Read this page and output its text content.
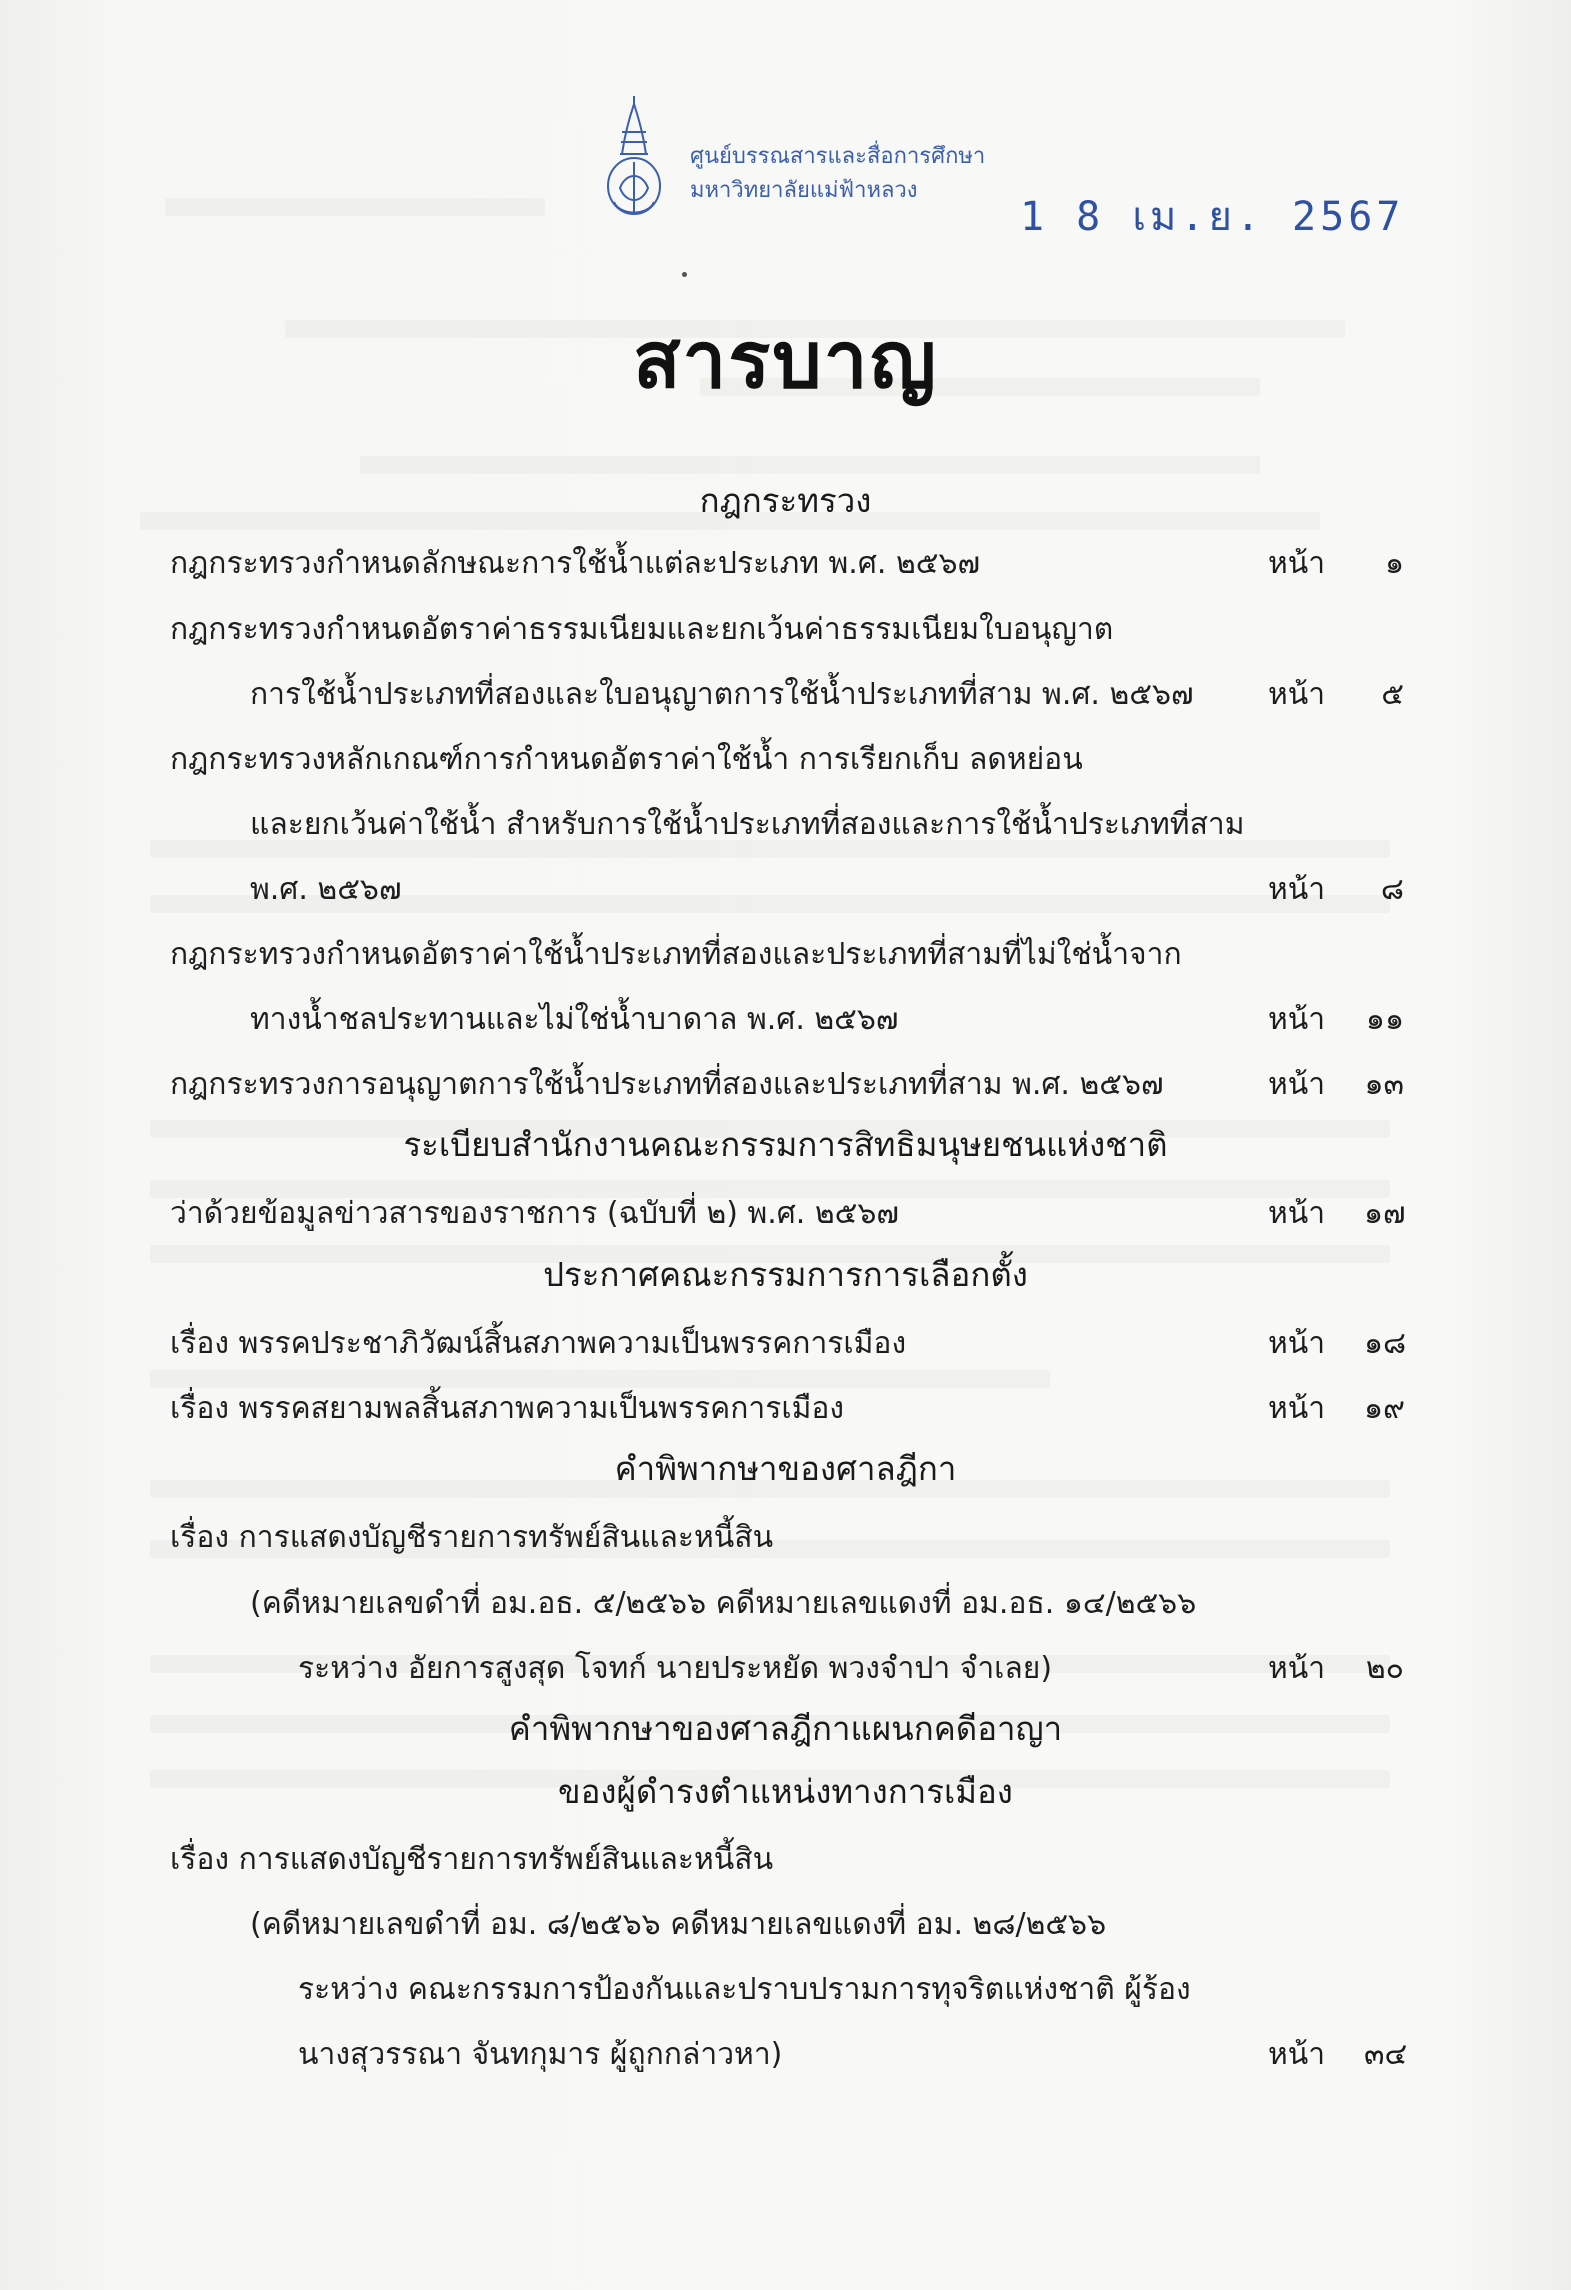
ศูนย์บรรณสารและสื่อการศึกษา
มหาวิทยาลัยแม่ฟ้าหลวง
1 8 เม.ย. 2567
สารบาญ
กฎกระทรวง
กฎกระทรวงกำหนดลักษณะการใช้น้ำแต่ละประเภท พ.ศ. ๒๕๖๗	หน้า	๑
กฎกระทรวงกำหนดอัตราค่าธรรมเนียมและยกเว้นค่าธรรมเนียมใบอนุญาต
การใช้น้ำประเภทที่สองและใบอนุญาตการใช้น้ำประเภทที่สาม พ.ศ. ๒๕๖๗ หน้า	๕
กฎกระทรวงหลักเกณฑ์การกำหนดอัตราค่าใช้น้ำ การเรียกเก็บ ลดหย่อน
และยกเว้นค่าใช้น้ำ สำหรับการใช้น้ำประเภทที่สองและการใช้น้ำประเภทที่สาม
พ.ศ. ๒๕๖๗	หน้า	๘
กฎกระทรวงกำหนดอัตราค่าใช้น้ำประเภทที่สองและประเภทที่สามที่ไม่ใช่น้ำจาก
ทางน้ำชลประทานและไม่ใช่น้ำบาดาล พ.ศ. ๒๕๖๗	หน้า ๑๑
กฎกระทรวงการอนุญาตการใช้น้ำประเภทที่สองและประเภทที่สาม พ.ศ. ๒๕๖๗	หน้า ๑๓
ระเบียบสำนักงานคณะกรรมการสิทธิมนุษยชนแห่งชาติ
ว่าด้วยข้อมูลข่าวสารของราชการ (ฉบับที่ ๒) พ.ศ. ๒๕๖๗	หน้า ๑๗
ประกาศคณะกรรมการการเลือกตั้ง
เรื่อง พรรคประชาภิวัฒน์สิ้นสภาพความเป็นพรรคการเมือง	หน้า ๑๘
เรื่อง พรรคสยามพลสิ้นสภาพความเป็นพรรคการเมือง	หน้า ๑๙
คำพิพากษาของศาลฎีกา
เรื่อง การแสดงบัญชีรายการทรัพย์สินและหนี้สิน
(คดีหมายเลขดำที่ อม.อธ. ๕/๒๕๖๖ คดีหมายเลขแดงที่ อม.อธ. ๑๔/๒๕๖๖
ระหว่าง อัยการสูงสุด โจทก์ นายประหยัด พวงจำปา จำเลย)	หน้า ๒๐
คำพิพากษาของศาลฎีกาแผนกคดีอาญา
ของผู้ดำรงตำแหน่งทางการเมือง
เรื่อง การแสดงบัญชีรายการทรัพย์สินและหนี้สิน
(คดีหมายเลขดำที่ อม. ๘/๒๕๖๖ คดีหมายเลขแดงที่ อม. ๒๘/๒๕๖๖
ระหว่าง คณะกรรมการป้องกันและปราบปรามการทุจริตแห่งชาติ ผู้ร้อง
นางสุวรรณา จันทกุมาร ผู้ถูกกล่าวหา)	หน้า ๓๔
